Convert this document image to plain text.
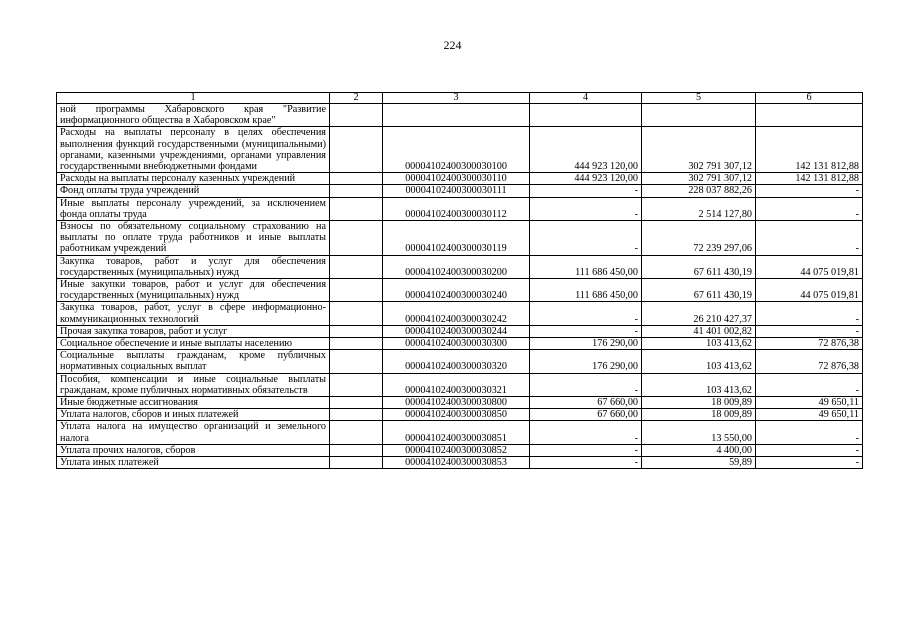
224
1	2	3	4	5	6
ной программы Хабаровского края "Развитие информационного общества в Хабаровском крае"					
Расходы на выплаты персоналу в целях обеспечения выполнения функций государственными (муниципальными) органами, казенными учреждениями, органами управления государственными внебюджетными фондами		00004102400300030100	444 923 120,00	302 791 307,12	142 131 812,88
Расходы на выплаты персоналу казенных учреждений		00004102400300030110	444 923 120,00	302 791 307,12	142 131 812,88
Фонд оплаты труда учреждений		00004102400300030111	-	228 037 882,26	-
Иные выплаты персоналу учреждений, за исключением фонда оплаты труда		00004102400300030112	-	2 514 127,80	-
Взносы по обязательному социальному страхованию на выплаты по оплате труда работников и иные выплаты работникам учреждений		00004102400300030119	-	72 239 297,06	-
Закупка товаров, работ и услуг для обеспечения государственных (муниципальных) нужд		00004102400300030200	111 686 450,00	67 611 430,19	44 075 019,81
Иные закупки товаров, работ и услуг для обеспечения государственных (муниципальных) нужд		00004102400300030240	111 686 450,00	67 611 430,19	44 075 019,81
Закупка товаров, работ, услуг в сфере информационно-коммуникационных технологий		00004102400300030242	-	26 210 427,37	-
Прочая закупка товаров, работ и услуг		00004102400300030244	-	41 401 002,82	-
Социальное обеспечение и иные выплаты населению		00004102400300030300	176 290,00	103 413,62	72 876,38
Социальные выплаты гражданам, кроме публичных нормативных социальных выплат		00004102400300030320	176 290,00	103 413,62	72 876,38
Пособия, компенсации и иные социальные выплаты гражданам, кроме публичных нормативных обязательств		00004102400300030321	-	103 413,62	-
Иные бюджетные ассигнования		00004102400300030800	67 660,00	18 009,89	49 650,11
Уплата налогов, сборов и иных платежей		00004102400300030850	67 660,00	18 009,89	49 650,11
Уплата налога на имущество организаций и земельного налога		00004102400300030851	-	13 550,00	-
Уплата прочих налогов, сборов		00004102400300030852	-	4 400,00	-
Уплата иных платежей		00004102400300030853	-	59,89	-
